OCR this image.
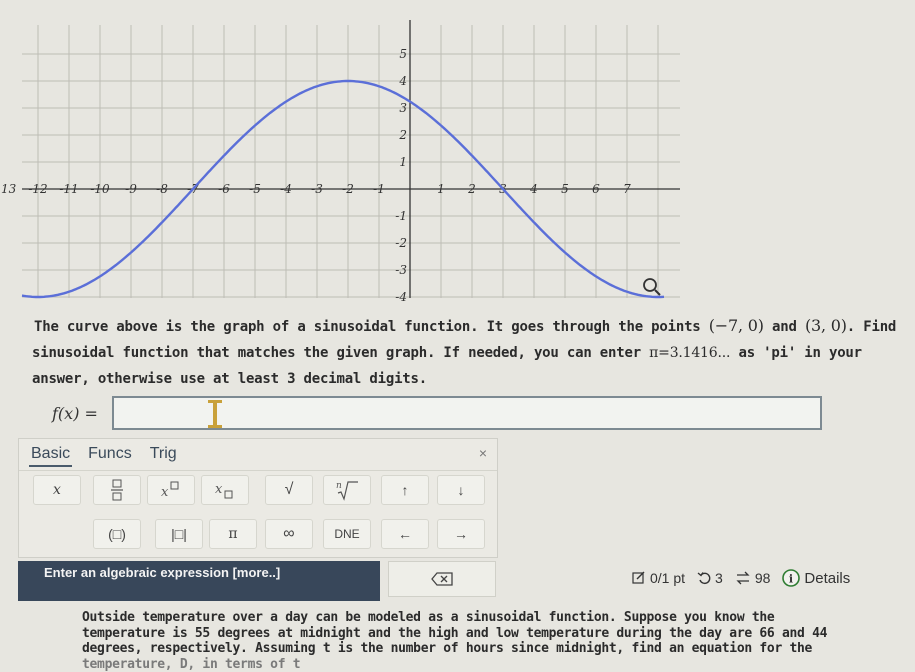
13 -12 -11 -10 -9 -8 -7 -6 -5 -4 -3 -2 -1	1 2 3 4 5 6 7
5
4
3
2
1
-1
-2
-3
-4
The curve above is the graph of a sinusoidal function. It goes through the points (−7, 0) and (3, 0). Find
sinusoidal function that matches the given graph. If needed, you can enter π=3.1416... as 'pi' in your
answer, otherwise use at least 3 decimal digits.
f(x) =
Basic Funcs Trig	×
x	x	x	√	n	↑	↓
(□)	|□|	π	∞	DNE	←	→
Enter an algebraic expression [more..]	0/1 pt 3 98 i Details
Outside temperature over a day can be modeled as a sinusoidal function. Suppose you know the
temperature is 55 degrees at midnight and the high and low temperature during the day are 66 and 44
degrees, respectively. Assuming t is the number of hours since midnight, find an equation for the
temperature, D, in terms of t
